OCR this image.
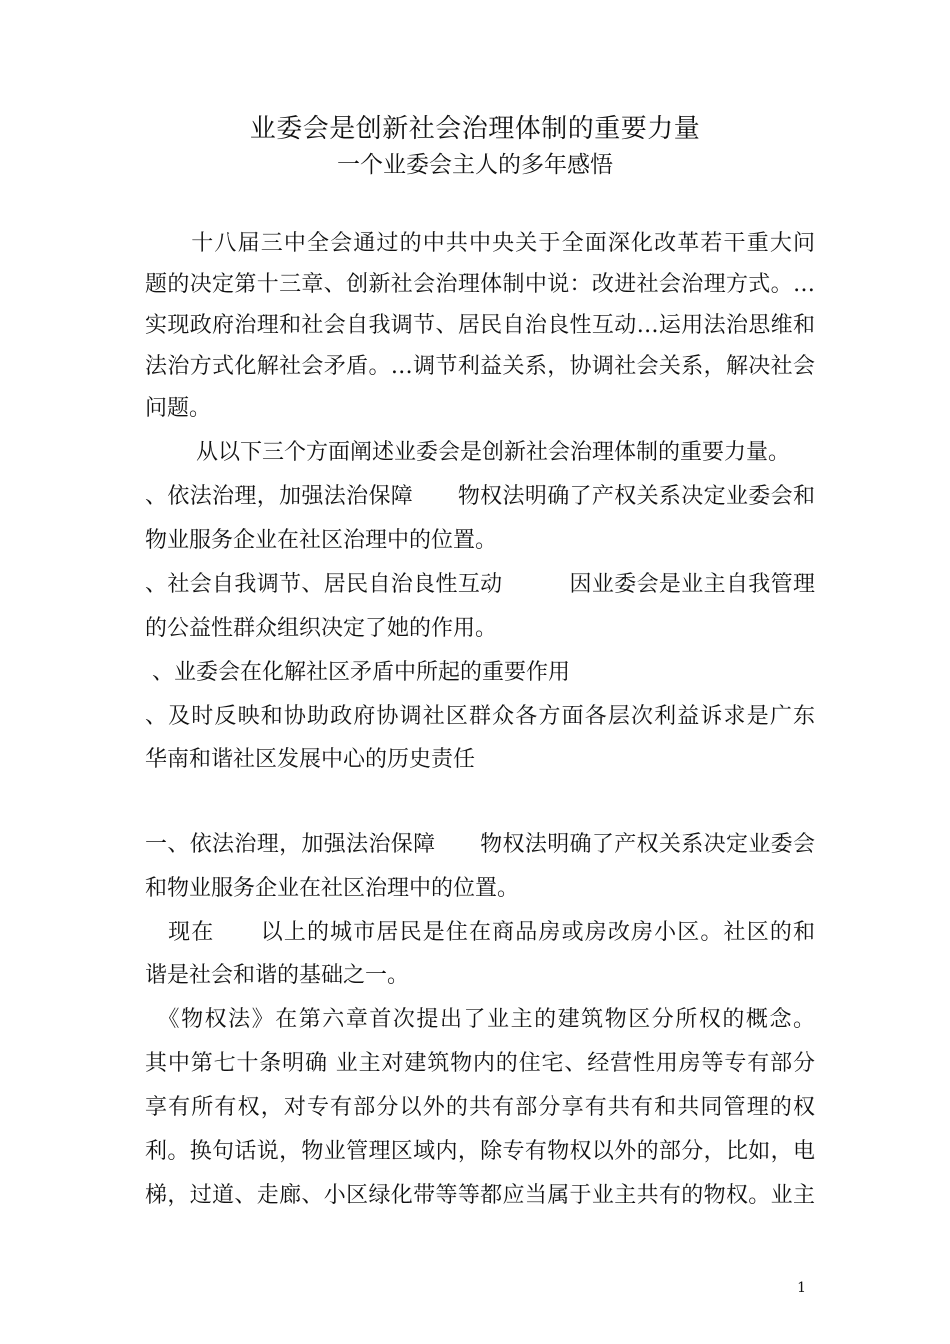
业委会是创新社会治理体制的重要力量
一个业委会主人的多年感悟
　　十八届三中全会通过的中共中央关于全面深化改革若干重大问
题的决定第十三章、创新社会治理体制中说：改进社会治理方式。…
实现政府治理和社会自我调节、居民自治良性互动…运用法治思维和
法治方式化解社会矛盾。…调节利益关系，协调社会关系，解决社会
问题。
　　 从以下三个方面阐述业委会是创新社会治理体制的重要力量。
、依法治理，加强法治保障　　物权法明确了产权关系决定业委会和
物业服务企业在社区治理中的位置。
、社会自我调节、居民自治良性互动　　　因业委会是业主自我管理
的公益性群众组织决定了她的作用。
、业委会在化解社区矛盾中所起的重要作用
、及时反映和协助政府协调社区群众各方面各层次利益诉求是广东
华南和谐社区发展中心的历史责任
一、依法治理，加强法治保障　　物权法明确了产权关系决定业委会
和物业服务企业在社区治理中的位置。
　现在　　以上的城市居民是住在商品房或房改房小区。社区的和
谐是社会和谐的基础之一。
　《物权法》在第六章首次提出了业主的建筑物区分所权的概念。
其中第七十条明确 业主对建筑物内的住宅、经营性用房等专有部分
享有所有权，对专有部分以外的共有部分享有共有和共同管理的权
利。换句话说，物业管理区域内，除专有物权以外的部分，比如，电
梯，过道、走廊、小区绿化带等等都应当属于业主共有的物权。业主
1
